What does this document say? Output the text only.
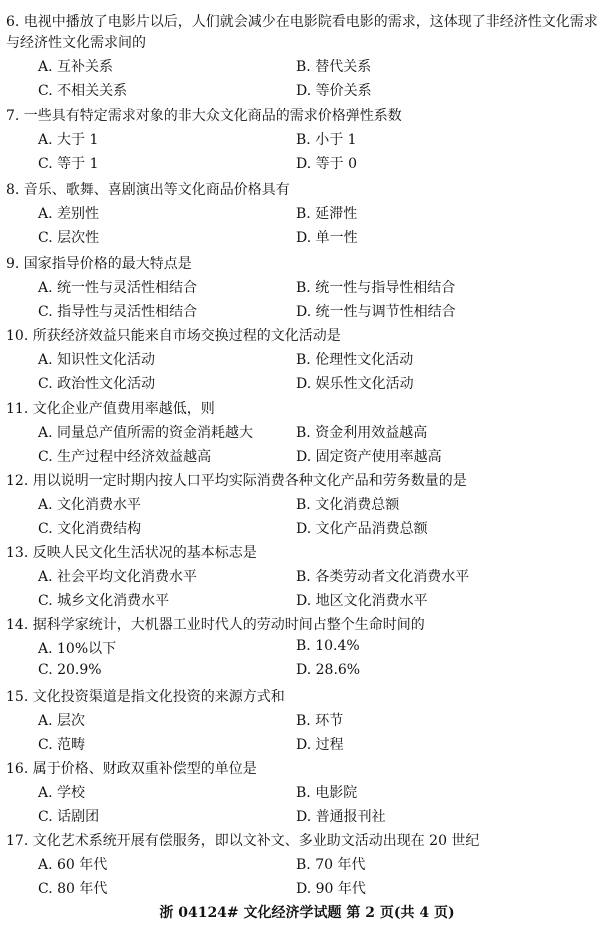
6. 电视中播放了电影片以后，人们就会减少在电影院看电影的需求，这体现了非经济性文化需求与经济性文化需求间的
A. 互补关系	B. 替代关系
C. 不相关关系	D. 等价关系
7. 一些具有特定需求对象的非大众文化商品的需求价格弹性系数
A. 大于 1	B. 小于 1
C. 等于 1	D. 等于 0
8. 音乐、歌舞、喜剧演出等文化商品价格具有
A. 差别性	B. 延滞性
C. 层次性	D. 单一性
9. 国家指导价格的最大特点是
A. 统一性与灵活性相结合	B. 统一性与指导性相结合
C. 指导性与灵活性相结合	D. 统一性与调节性相结合
10. 所获经济效益只能来自市场交换过程的文化活动是
A. 知识性文化活动	B. 伦理性文化活动
C. 政治性文化活动	D. 娱乐性文化活动
11. 文化企业产值费用率越低，则
A. 同量总产值所需的资金消耗越大	B. 资金利用效益越高
C. 生产过程中经济效益越高	D. 固定资产使用率越高
12. 用以说明一定时期内按人口平均实际消费各种文化产品和劳务数量的是
A. 文化消费水平	B. 文化消费总额
C. 文化消费结构	D. 文化产品消费总额
13. 反映人民文化生活状况的基本标志是
A. 社会平均文化消费水平	B. 各类劳动者文化消费水平
C. 城乡文化消费水平	D. 地区文化消费水平
14. 据科学家统计，大机器工业时代人的劳动时间占整个生命时间的
A. 10%以下	B. 10.4%
C. 20.9%	D. 28.6%
15. 文化投资渠道是指文化投资的来源方式和
A. 层次	B. 环节
C. 范畴	D. 过程
16. 属于价格、财政双重补偿型的单位是
A. 学校	B. 电影院
C. 话剧团	D. 普通报刊社
17. 文化艺术系统开展有偿服务，即以文补文、多业助文活动出现在 20 世纪
A. 60 年代	B. 70 年代
C. 80 年代	D. 90 年代
浙 04124# 文化经济学试题 第 2 页(共 4 页)
